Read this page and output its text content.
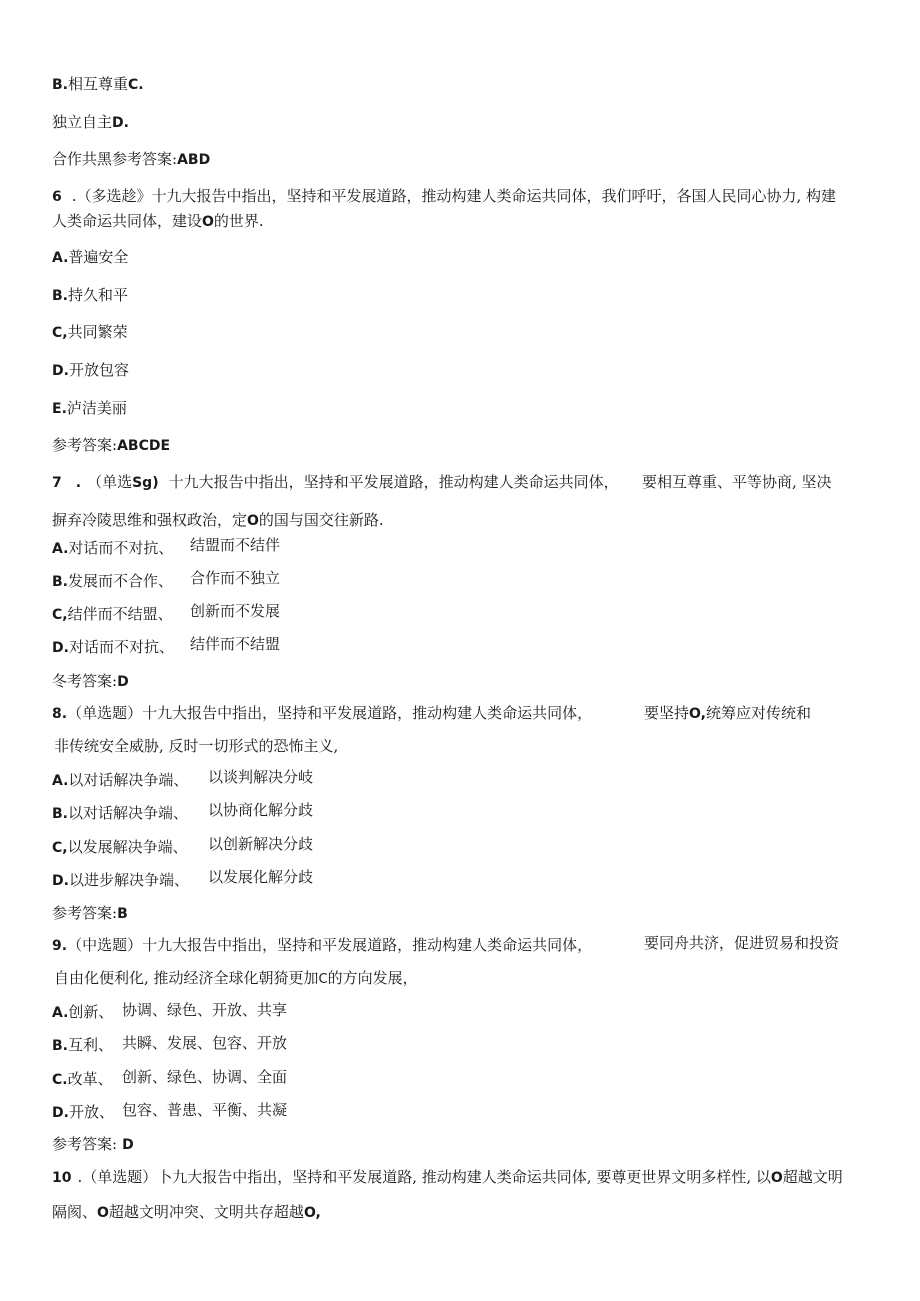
B.相互尊重C.
独立自主D.
合作共黑参考答案:ABD
6 .（多选趁》十九大报告中指出，坚持和平发展道路，推动构建人类命运共同体，我们呼吁，各国人民同心协力, 构建
人类命运共同体，建设O的世界.
A.普遍安全
B.持久和平
C,共同繁荣
D.开放包容
E.泸洁美丽
参考答案:ABCDE
7 . （单选Sg) 十九大报告中指出，坚持和平发展道路，推动构建人类命运共同体， 要相互尊重、平等协商, 坚决
摒弃冷陵思维和强权政治，定O的国与国交往新路.
A.对话而不对抗、 结盟而不结伴
B.发展而不合作、 合作而不独立
C,结伴而不结盟、 创新而不发展
D.对话而不对抗、 结伴而不结盟
冬考答案:D
8.（单选题）十九大报告中指出，坚持和平发展道路，推动构建人类命运共同体，	要坚持O,统筹应对传统和
非传统安全威胁, 反时一切形式的恐怖主义,
A.以对话解决争端、 以谈判解决分岐
B.以对话解决争端、 以协商化解分歧
C,以发展解决争端、 以创新解决分歧
D.以进步解决争端、 以发展化解分歧
参考答案:B
9.（中选题）十九大报告中指出，坚持和平发展道路，推动构建人类命运共同体，	要同舟共济，促进贸易和投资
自由化便利化, 推动经济全球化朝猗更加C的方向发展，
A.创新、 协调、绿色、开放、共享
B.互利、 共瞬、发展、包容、开放
C.改革、 创新、绿色、协调、全面
D.开放、 包容、普患、平衡、共凝
参考答案: D
10 .（单选题）卜九大报告中指出，坚持和平发展道路, 推动构建人类命运共同体, 要尊更世界文明多样性, 以O超越文明
隔阂、O超越文明冲突、文明共存超越O,
